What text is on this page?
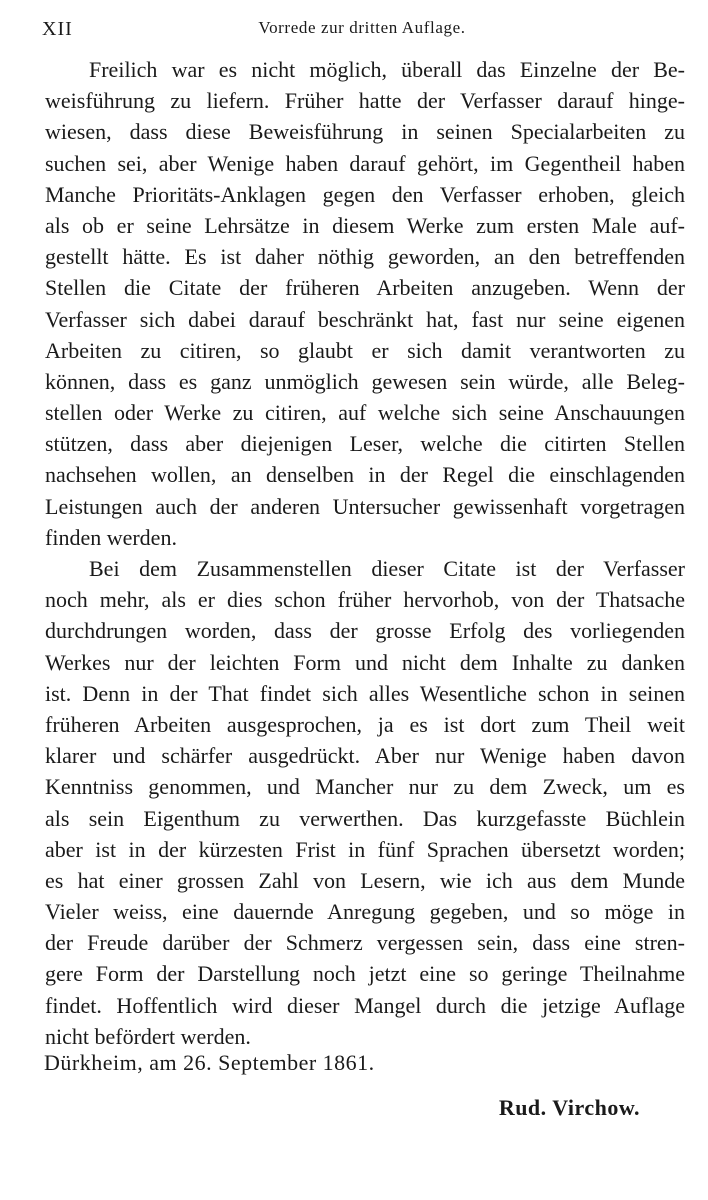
XII	Vorrede zur dritten Auflage.
Freilich war es nicht möglich, überall das Einzelne der Be-
weisführung zu liefern. Früher hatte der Verfasser darauf hinge-
wiesen, dass diese Beweisführung in seinen Specialarbeiten zu
suchen sei, aber Wenige haben darauf gehört, im Gegentheil haben
Manche Prioritäts-Anklagen gegen den Verfasser erhoben, gleich
als ob er seine Lehrsätze in diesem Werke zum ersten Male auf-
gestellt hätte. Es ist daher nöthig geworden, an den betreffenden
Stellen die Citate der früheren Arbeiten anzugeben. Wenn der
Verfasser sich dabei darauf beschränkt hat, fast nur seine eigenen
Arbeiten zu citiren, so glaubt er sich damit verantworten zu
können, dass es ganz unmöglich gewesen sein würde, alle Beleg-
stellen oder Werke zu citiren, auf welche sich seine Anschauungen
stützen, dass aber diejenigen Leser, welche die citirten Stellen
nachsehen wollen, an denselben in der Regel die einschlagenden
Leistungen auch der anderen Untersucher gewissenhaft vorgetragen
finden werden.
Bei dem Zusammenstellen dieser Citate ist der Verfasser
noch mehr, als er dies schon früher hervorhob, von der Thatsache
durchdrungen worden, dass der grosse Erfolg des vorliegenden
Werkes nur der leichten Form und nicht dem Inhalte zu danken
ist. Denn in der That findet sich alles Wesentliche schon in seinen
früheren Arbeiten ausgesprochen, ja es ist dort zum Theil weit
klarer und schärfer ausgedrückt. Aber nur Wenige haben davon
Kenntniss genommen, und Mancher nur zu dem Zweck, um es
als sein Eigenthum zu verwerthen. Das kurzgefasste Büchlein
aber ist in der kürzesten Frist in fünf Sprachen übersetzt worden;
es hat einer grossen Zahl von Lesern, wie ich aus dem Munde
Vieler weiss, eine dauernde Anregung gegeben, und so möge in
der Freude darüber der Schmerz vergessen sein, dass eine stren-
gere Form der Darstellung noch jetzt eine so geringe Theilnahme
findet. Hoffentlich wird dieser Mangel durch die jetzige Auflage
nicht befördert werden.
Dürkheim, am 26. September 1861.
Rud. Virchow.
